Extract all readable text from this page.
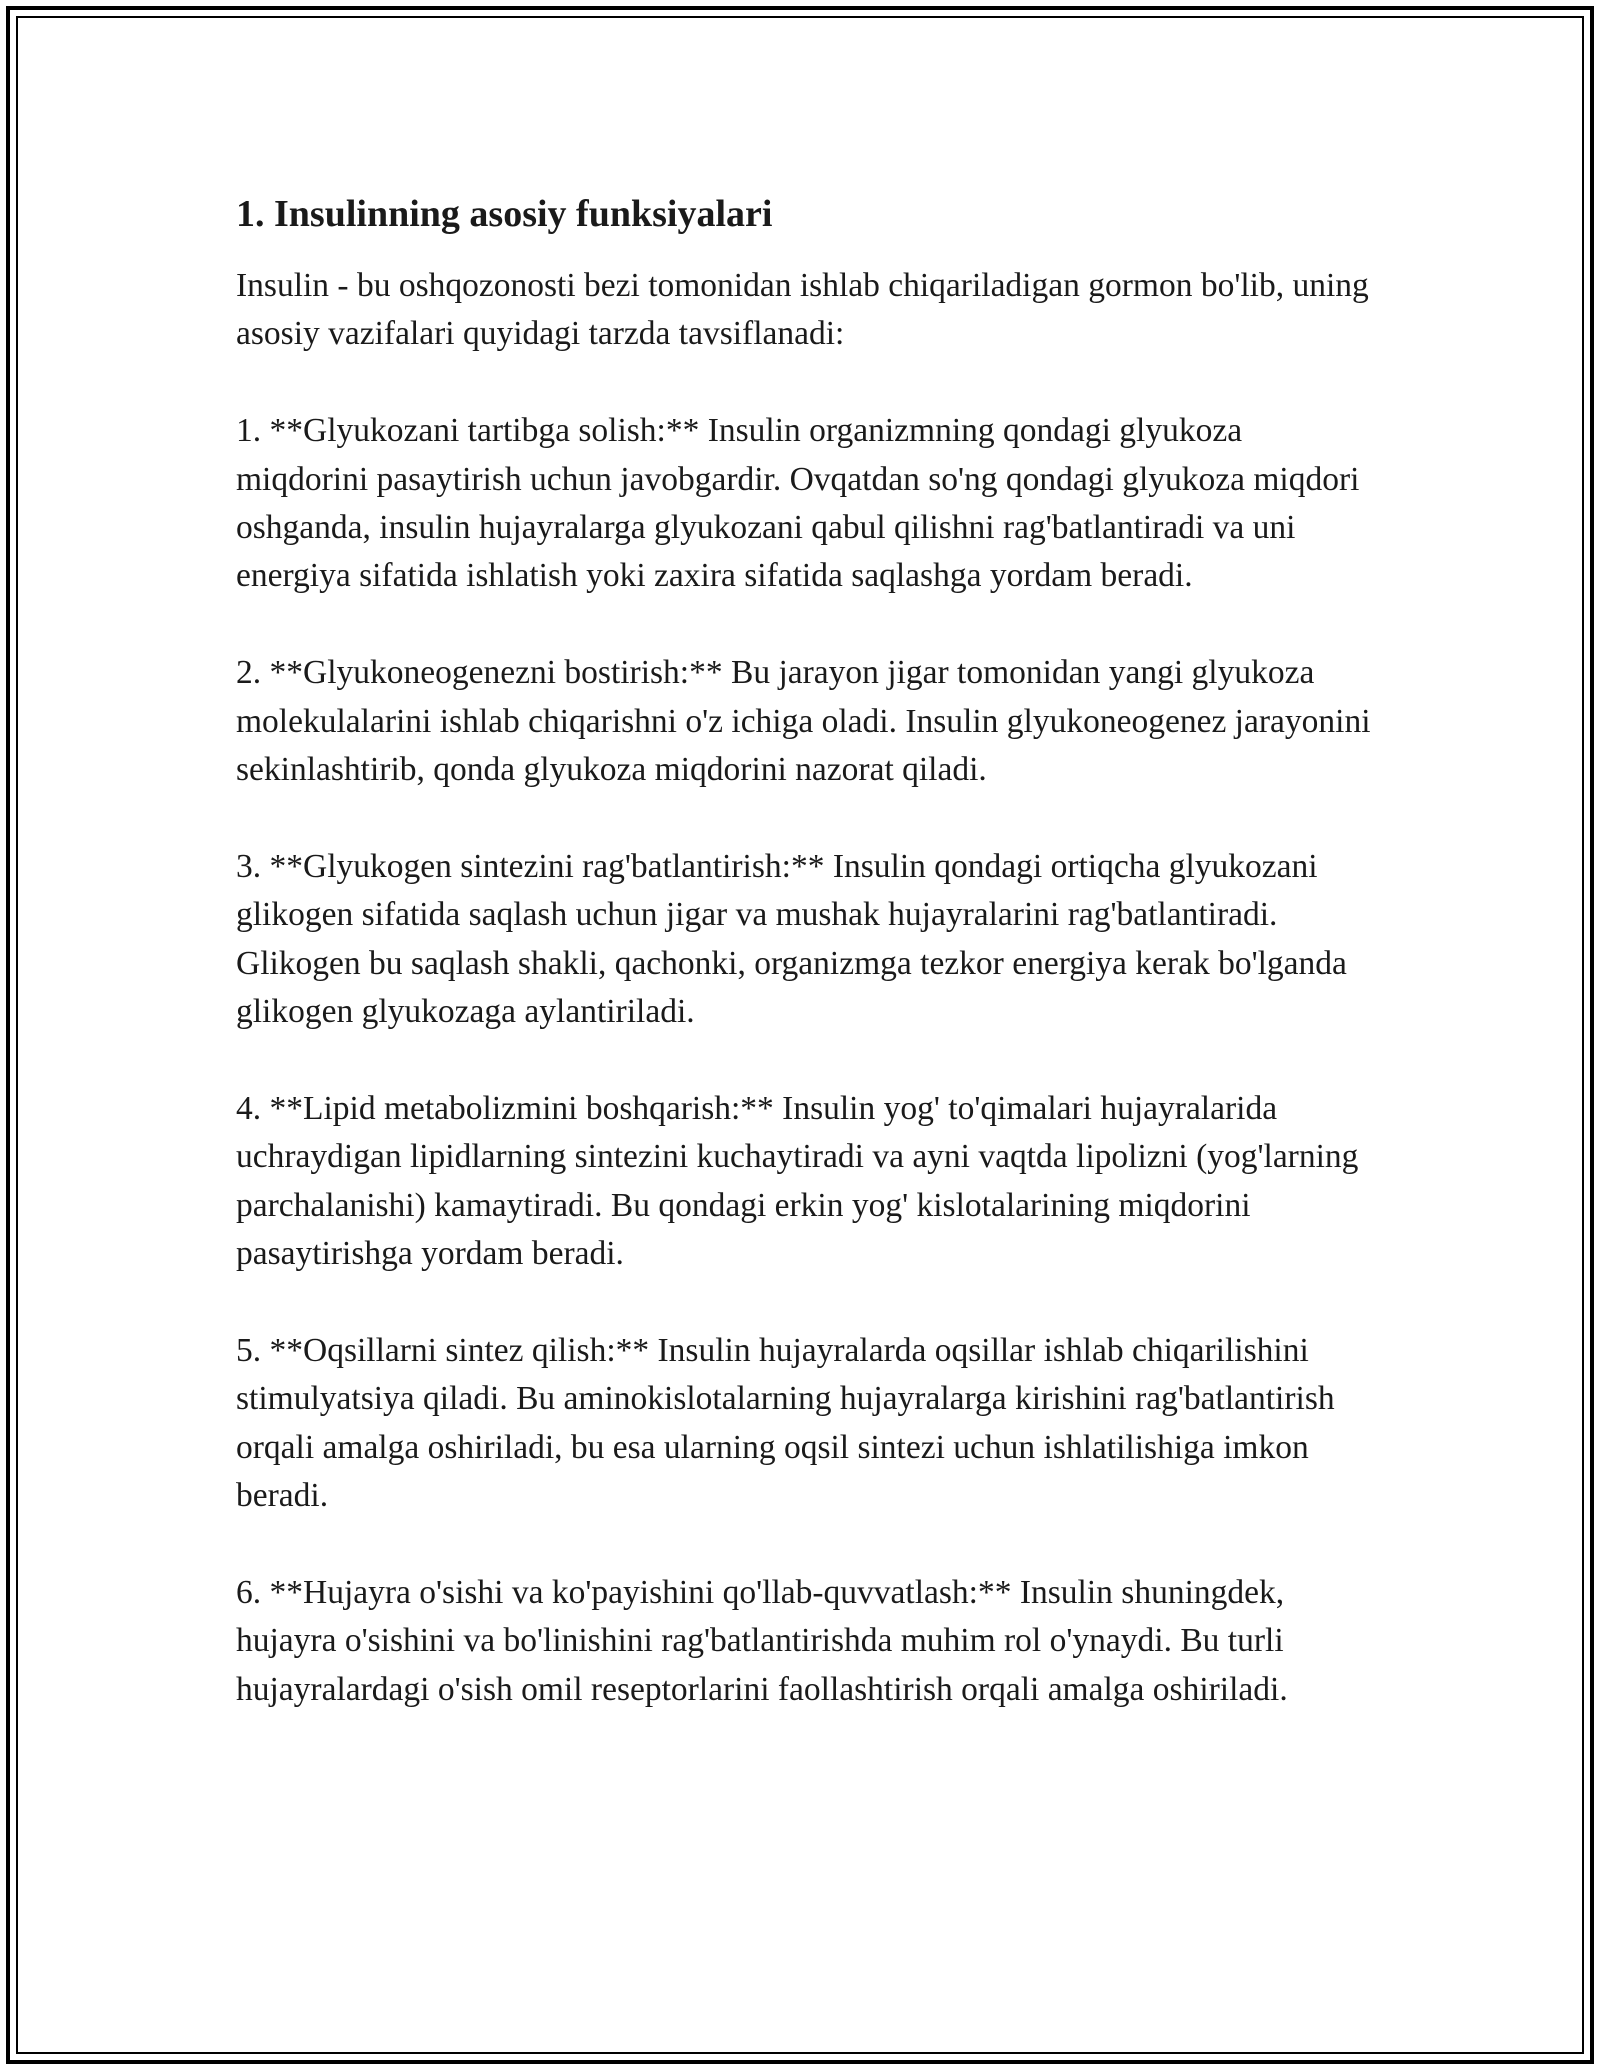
1. Insulinning asosiy funksiyalari

Insulin - bu oshqozonosti bezi tomonidan ishlab chiqariladigan gormon bo'lib, uning asosiy vazifalari quyidagi tarzda tavsiflanadi:

1. **Glyukozani tartibga solish:** Insulin organizmning qondagi glyukoza miqdorini pasaytirish uchun javobgardir. Ovqatdan so'ng qondagi glyukoza miqdori oshganda, insulin hujayralarga glyukozani qabul qilishni rag'batlantiradi va uni energiya sifatida ishlatish yoki zaxira sifatida saqlashga yordam beradi.

2. **Glyukoneogenezni bostirish:** Bu jarayon jigar tomonidan yangi glyukoza molekulalarini ishlab chiqarishni o'z ichiga oladi. Insulin glyukoneogenez jarayonini sekinlashtirib, qonda glyukoza miqdorini nazorat qiladi.

3. **Glyukogen sintezini rag'batlantirish:** Insulin qondagi ortiqcha glyukozani glikogen sifatida saqlash uchun jigar va mushak hujayralarini rag'batlantiradi. Glikogen bu saqlash shakli, qachonki, organizmga tezkor energiya kerak bo'lganda glikogen glyukozaga aylantiriladi.

4. **Lipid metabolizmini boshqarish:** Insulin yog' to'qimalari hujayralarida uchraydigan lipidlarning sintezini kuchaytiradi va ayni vaqtda lipolizni (yog'larning parchalanishi) kamaytiradi. Bu qondagi erkin yog' kislotalarining miqdorini pasaytirishga yordam beradi.

5. **Oqsillarni sintez qilish:** Insulin hujayralarda oqsillar ishlab chiqarilishini stimulyatsiya qiladi. Bu aminokislotalarning hujayralarga kirishini rag'batlantirish orqali amalga oshiriladi, bu esa ularning oqsil sintezi uchun ishlatilishiga imkon beradi.

6. **Hujayra o'sishi va ko'payishini qo'llab-quvvatlash:** Insulin shuningdek, hujayra o'sishini va bo'linishini rag'batlantirishda muhim rol o'ynaydi. Bu turli hujayralardagi o'sish omil reseptorlarini faollashtirish orqali amalga oshiriladi.
